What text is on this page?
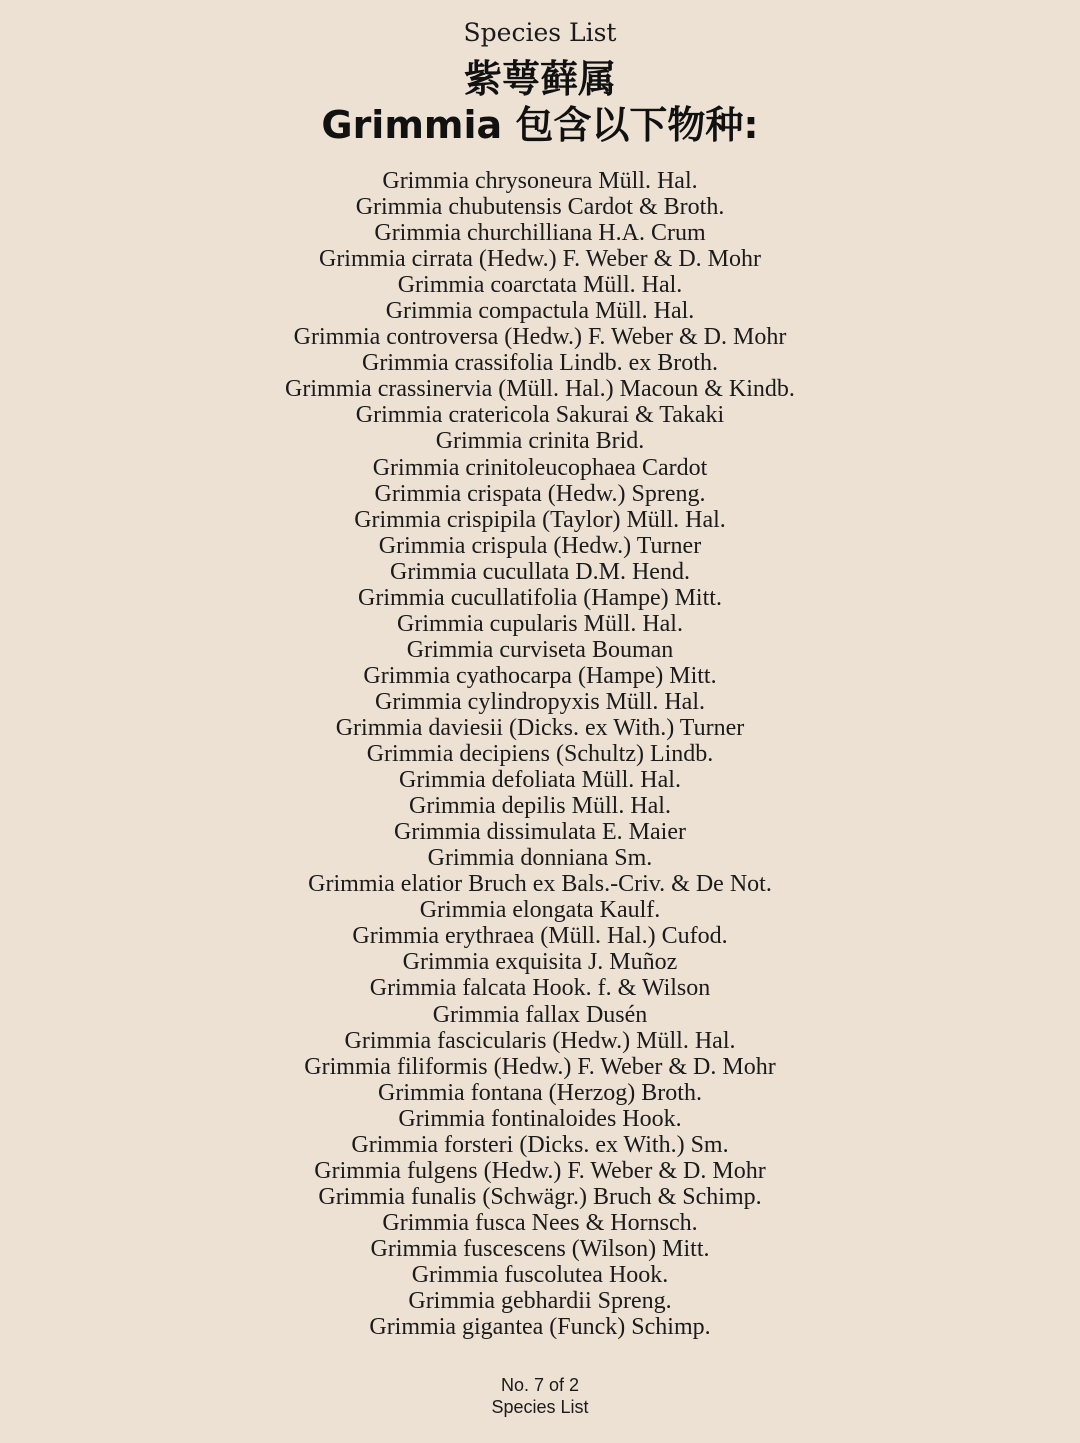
Species List
紫萼藓属
Grimmia 包含以下物种:
Grimmia chrysoneura Müll. Hal.
Grimmia chubutensis Cardot & Broth.
Grimmia churchilliana H.A. Crum
Grimmia cirrata (Hedw.) F. Weber & D. Mohr
Grimmia coarctata Müll. Hal.
Grimmia compactula Müll. Hal.
Grimmia controversa (Hedw.) F. Weber & D. Mohr
Grimmia crassifolia Lindb. ex Broth.
Grimmia crassinervia (Müll. Hal.) Macoun & Kindb.
Grimmia cratericola Sakurai & Takaki
Grimmia crinita Brid.
Grimmia crinitoleucophaea Cardot
Grimmia crispata (Hedw.) Spreng.
Grimmia crispipila (Taylor) Müll. Hal.
Grimmia crispula (Hedw.) Turner
Grimmia cucullata D.M. Hend.
Grimmia cucullatifolia (Hampe) Mitt.
Grimmia cupularis Müll. Hal.
Grimmia curviseta Bouman
Grimmia cyathocarpa (Hampe) Mitt.
Grimmia cylindropyxis Müll. Hal.
Grimmia daviesii (Dicks. ex With.) Turner
Grimmia decipiens (Schultz) Lindb.
Grimmia defoliata Müll. Hal.
Grimmia depilis Müll. Hal.
Grimmia dissimulata E. Maier
Grimmia donniana Sm.
Grimmia elatior Bruch ex Bals.-Criv. & De Not.
Grimmia elongata Kaulf.
Grimmia erythraea (Müll. Hal.) Cufod.
Grimmia exquisita J. Muñoz
Grimmia falcata Hook. f. & Wilson
Grimmia fallax Dusén
Grimmia fascicularis (Hedw.) Müll. Hal.
Grimmia filiformis (Hedw.) F. Weber & D. Mohr
Grimmia fontana (Herzog) Broth.
Grimmia fontinaloides Hook.
Grimmia forsteri (Dicks. ex With.) Sm.
Grimmia fulgens (Hedw.) F. Weber & D. Mohr
Grimmia funalis (Schwägr.) Bruch & Schimp.
Grimmia fusca Nees & Hornsch.
Grimmia fuscescens (Wilson) Mitt.
Grimmia fuscolutea Hook.
Grimmia gebhardii Spreng.
Grimmia gigantea (Funck) Schimp.
No. 7 of 2
Species List
